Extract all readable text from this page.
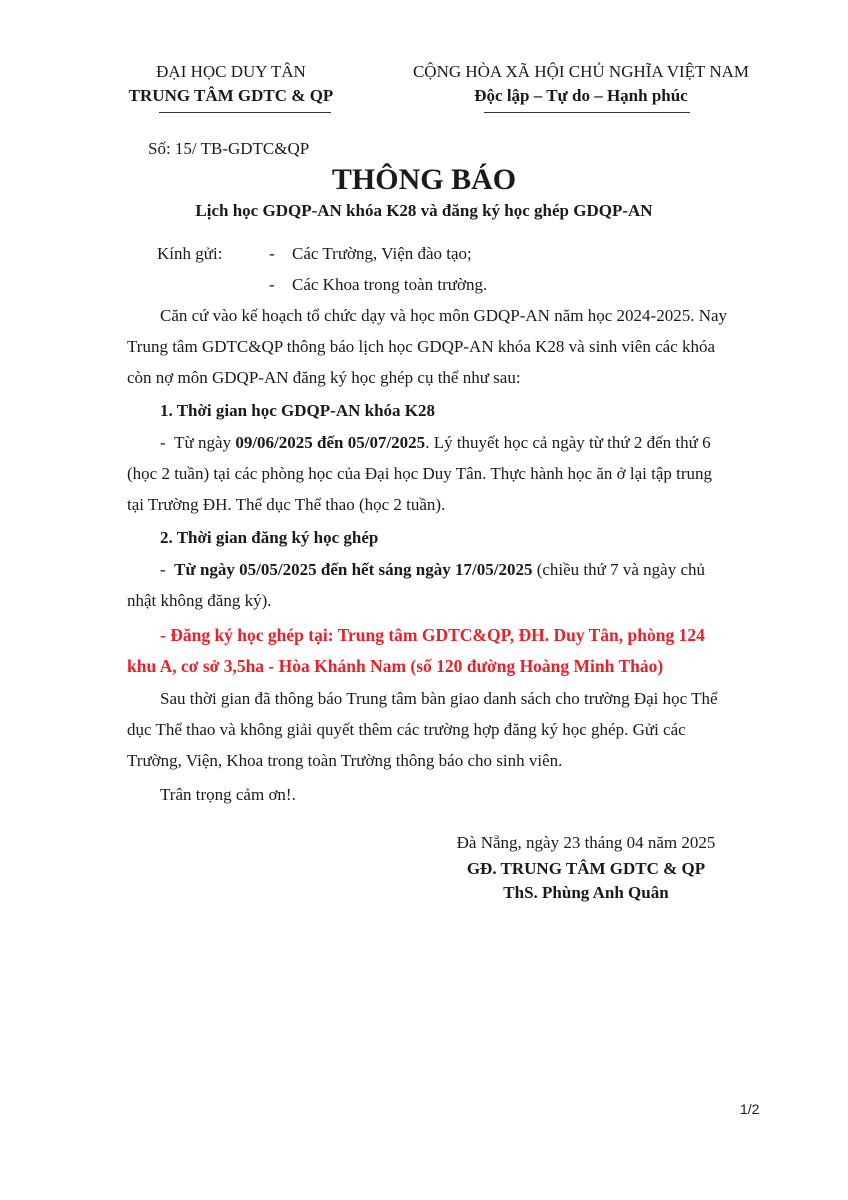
ĐẠI HỌC DUY TÂN
TRUNG TÂM GDTC & QP
CỘNG HÒA XÃ HỘI CHỦ NGHĨA VIỆT NAM
Độc lập – Tự do – Hạnh phúc
Số: 15/ TB-GDTC&QP
THÔNG BÁO
Lịch học GDQP-AN khóa K28 và đăng ký học ghép GDQP-AN
Kính gửi:	- Các Trường, Viện đào tạo;
- Các Khoa trong toàn trường.
Căn cứ vào kế hoạch tổ chức dạy và học môn GDQP-AN năm học 2024-2025. Nay
Trung tâm GDTC&QP thông báo lịch học GDQP-AN khóa K28 và sinh viên các khóa
còn nợ môn GDQP-AN đăng ký học ghép cụ thể như sau:
1. Thời gian học GDQP-AN khóa K28
- Từ ngày 09/06/2025 đến 05/07/2025. Lý thuyết học cả ngày từ thứ 2 đến thứ 6
(học 2 tuần) tại các phòng học của Đại học Duy Tân. Thực hành học ăn ở lại tập trung
tại Trường ĐH. Thể dục Thể thao (học 2 tuần).
2. Thời gian đăng ký học ghép
- Từ ngày 05/05/2025 đến hết sáng ngày 17/05/2025 (chiều thứ 7 và ngày chủ
nhật không đăng ký).
- Đăng ký học ghép tại: Trung tâm GDTC&QP, ĐH. Duy Tân, phòng 124
khu A, cơ sở 3,5ha - Hòa Khánh Nam (số 120 đường Hoàng Minh Thảo)
Sau thời gian đã thông báo Trung tâm bàn giao danh sách cho trường Đại học Thể
dục Thể thao và không giải quyết thêm các trường hợp đăng ký học ghép. Gửi các
Trường, Viện, Khoa trong toàn Trường thông báo cho sinh viên.
Trân trọng cảm ơn!.
Đà Nẵng, ngày 23 tháng 04 năm 2025
GĐ. TRUNG TÂM GDTC & QP
ThS. Phùng Anh Quân
1/2
